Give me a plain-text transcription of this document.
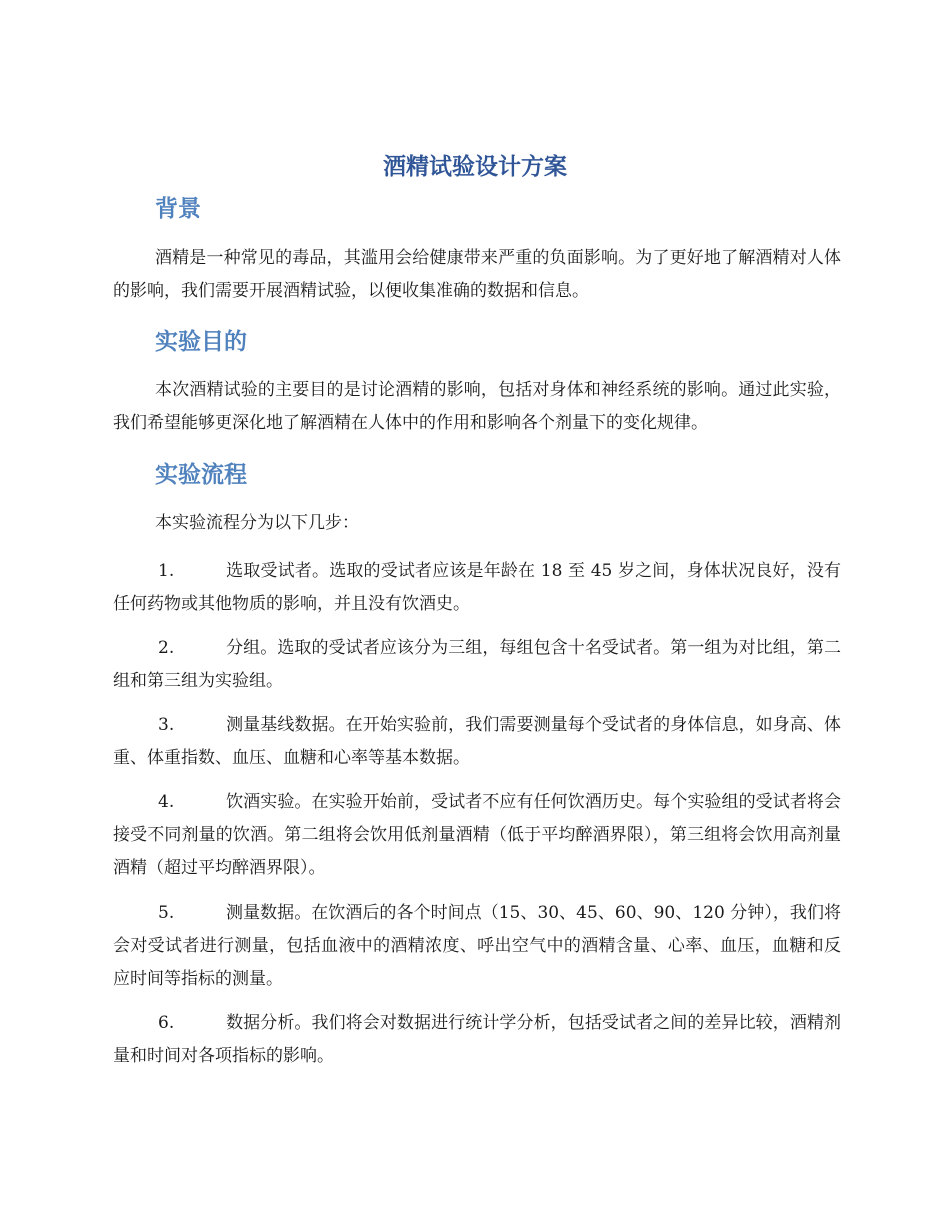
酒精试验设计方案
背景

酒精是一种常见的毒品，其滥用会给健康带来严重的负面影响。为了更好地了解酒精对人体的影响，我们需要开展酒精试验，以便收集准确的数据和信息。

实验目的

本次酒精试验的主要目的是讨论酒精的影响，包括对身体和神经系统的影响。通过此实验，我们希望能够更深化地了解酒精在人体中的作用和影响各个剂量下的变化规律。

实验流程

本实验流程分为以下几步：

1.	选取受试者。选取的受试者应该是年龄在 18 至 45 岁之间，身体状况良好，没有任何药物或其他物质的影响，并且没有饮酒史。

2.	分组。选取的受试者应该分为三组，每组包含十名受试者。第一组为对比组，第二组和第三组为实验组。

3.	测量基线数据。在开始实验前，我们需要测量每个受试者的身体信息，如身高、体重、体重指数、血压、血糖和心率等基本数据。

4.	饮酒实验。在实验开始前，受试者不应有任何饮酒历史。每个实验组的受试者将会接受不同剂量的饮酒。第二组将会饮用低剂量酒精（低于平均醉酒界限），第三组将会饮用高剂量酒精（超过平均醉酒界限）。

5.	测量数据。在饮酒后的各个时间点（15、30、45、60、90、120 分钟），我们将会对受试者进行测量，包括血液中的酒精浓度、呼出空气中的酒精含量、心率、血压，血糖和反应时间等指标的测量。

6.	数据分析。我们将会对数据进行统计学分析，包括受试者之间的差异比较，酒精剂量和时间对各项指标的影响。
